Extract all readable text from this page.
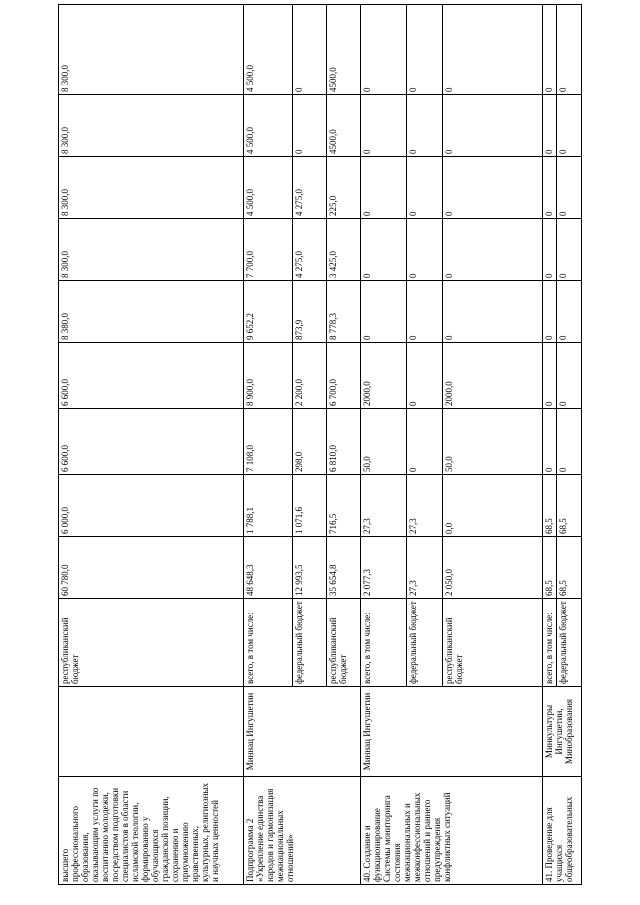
высшего профессионального образования, оказывающим услуги по воспитанию молодежи, посредством подготовки специалистов в области исламской теологии, формированию у обучающихся гражданской позиции, сохранению и приумножению нравственных, культурных, религиозных и научных ценностей		республиканский бюджет	60 780,0	6 000,0	6 600,0	6 600,0	8 380,0	8 300,0	8 300,0	8 300,0	8 300,0
Подпрограмма 2 «Укрепление единства народов и гармонизация межнациональных отношений»	Миннац Ингушетии	всего, в том числе:	48 648,3	1 788,1	7 108,0	8 900,0	9 652,2	7 700,0	4 500,0	4 500,0	4 500,0
		федеральный бюджет	12 993,5	1 071,6	298,0	2 200,0	873,9	4 275,0	4 275,0	0	0
		республиканский бюджет	35 654,8	716,5	6 810,0	6 700,0	8 778,3	3 425,0	225,0	4500,0	4500,0
40. Создание и функционирование Системы мониторинга состояния межнациональных и межконфессиональных отношений и раннего предупреждения конфликтных ситуаций	Миннац Ингушетии	всего, в том числе:	2 077,3	27,3	50,0	2000,0	0	0	0	0	0
		федеральный бюджет	27,3	27,3	0	0	0	0	0	0	0
		республиканский бюджет	2 050,0	0,0	50,0	2000,0	0	0	0	0	0
41. Проведение для учащихся общеобразовательных	Минкультуры Ингушетии, Минобразования	всего, в том числе:	68,5	68,5	0	0	0	0	0	0	0
		федеральный бюджет	68,5	68,5	0	0	0	0	0	0	0
